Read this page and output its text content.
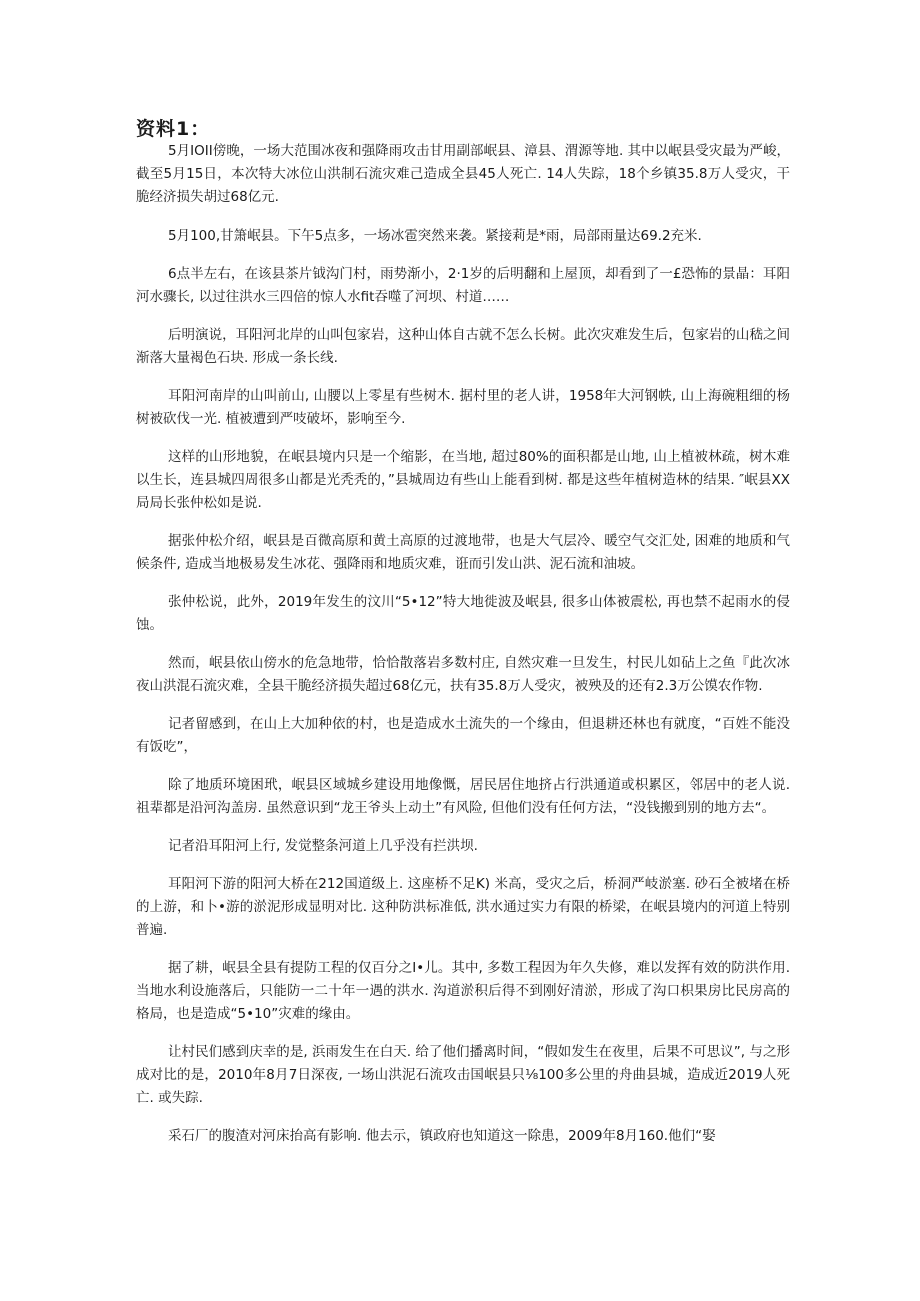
资料1：

5月IOII傍晚，一场大范围冰夜和强降雨攻击甘用副部岷县、漳县、渭源等地. 其中以岷县受灾最为严峻，截至5月15日，本次特大冰位山洪制石流灾难己造成全县45人死亡. 14人失踪，18个乡镇35.8万人受灾，干脆经济损失胡过68亿元.

5月100,甘箫岷县。下午5点多，一场冰雹突然来袭。紧接莉是*雨，局部雨量达69.2充米.

6点半左右，在该县茶片钺沟门村，雨势渐小，2·1岁的后明翻和上屋顶，却看到了一£恐怖的景晶：耳阳河水骤长, 以过往洪水三四倍的惊人水fit吞噬了河坝、村道……

后明演说，耳阳河北岸的山叫包家岩，这种山体自古就不怎么长树。此次灾难发生后，包家岩的山嵇之间渐落大量褐色石块. 形成一条长线.

耳阳河南岸的山叫前山, 山腰以上零星有些树木. 据村里的老人讲，1958年大河钢帙, 山上海碗粗细的杨树被砍伐一光. 植被遭到严吱破坏，影响至今.

这样的山形地貌，在岷县境内只是一个缩影，在当地, 超过80%的面积都是山地, 山上植被林疏，树木难以生长，连县城四周很多山都是光秃秃的，”县城周边有些山上能看到树. 都是这些年植树造林的结果. ″岷县XX局局长张仲松如是说.

据张仲松介绍，岷县是百微高原和黄土高原的过渡地带，也是大气层冷、暖空气交汇处, 困难的地质和气候条件, 造成当地极易发生冰花、强降雨和地质灾难，诳而引发山洪、泥石流和油坡。

张仲松说，此外，2019年发生的汶川“5•12”特大地徙波及岷县, 很多山体被震松, 再也禁不起雨水的侵蚀。

然而，岷县依山傍水的危急地带，恰恰散落岩多数村庄, 自然灾难一旦发生，村民儿如砧上之鱼『此次冰夜山洪混石流灾难，全县干脆经济损失超过68亿元，扶有35.8万人受灾，被殃及的还有2.3万公馍农作物.

记者留感到，在山上大加种依的村，也是造成水土流失的一个缘由，但退耕还林也有就度，“百姓不能没有饭吃”，

除了地质环境困玳，岷县区域城乡建设用地像慨，居民居住地挤占行洪通道或枳累区，邻居中的老人说. 祖辈都是沿河沟盖房. 虽然意识到“龙王爷头上动土”有风险, 但他们没有任何方法，“没钱搬到别的地方去“。

记者沿耳阳河上行, 发觉整条河道上几乎没有拦洪坝.

耳阳河下游的阳河大桥在212国道级上. 这座桥不足K) 米高，受灾之后，桥洞严岐淤塞. 砂石全被堵在桥的上游，和卜•游的淤泥形成显明对比. 这种防洪标准低, 洪水通过实力有限的桥梁，在岷县境内的河道上特别普遍.

据了耕，岷县全县有提防工程的仅百分之I•儿。其中, 多数工程因为年久失修，难以发挥有效的防洪作用. 当地水利设施落后，只能防一二十年一遇的洪水. 沟道淤积后得不到刚好清淤，形成了沟口枳果房比民房高的格局，也是造成“5•10”灾难的缘由。

让村民们感到庆幸的是, 浜雨发生在白天. 给了他们播离时间，“假如发生在夜里，后果不可思议”, 与之形成对比的是，2010年8月7日深夜, 一场山洪泥石流攻击国岷县只⅛100多公里的舟曲县城，造成近2019人死亡. 或失踪.

采石厂的腹渣对河床抬高有影响. 他去示，镇政府也知道这一除患，2009年8月160.他们“娶
